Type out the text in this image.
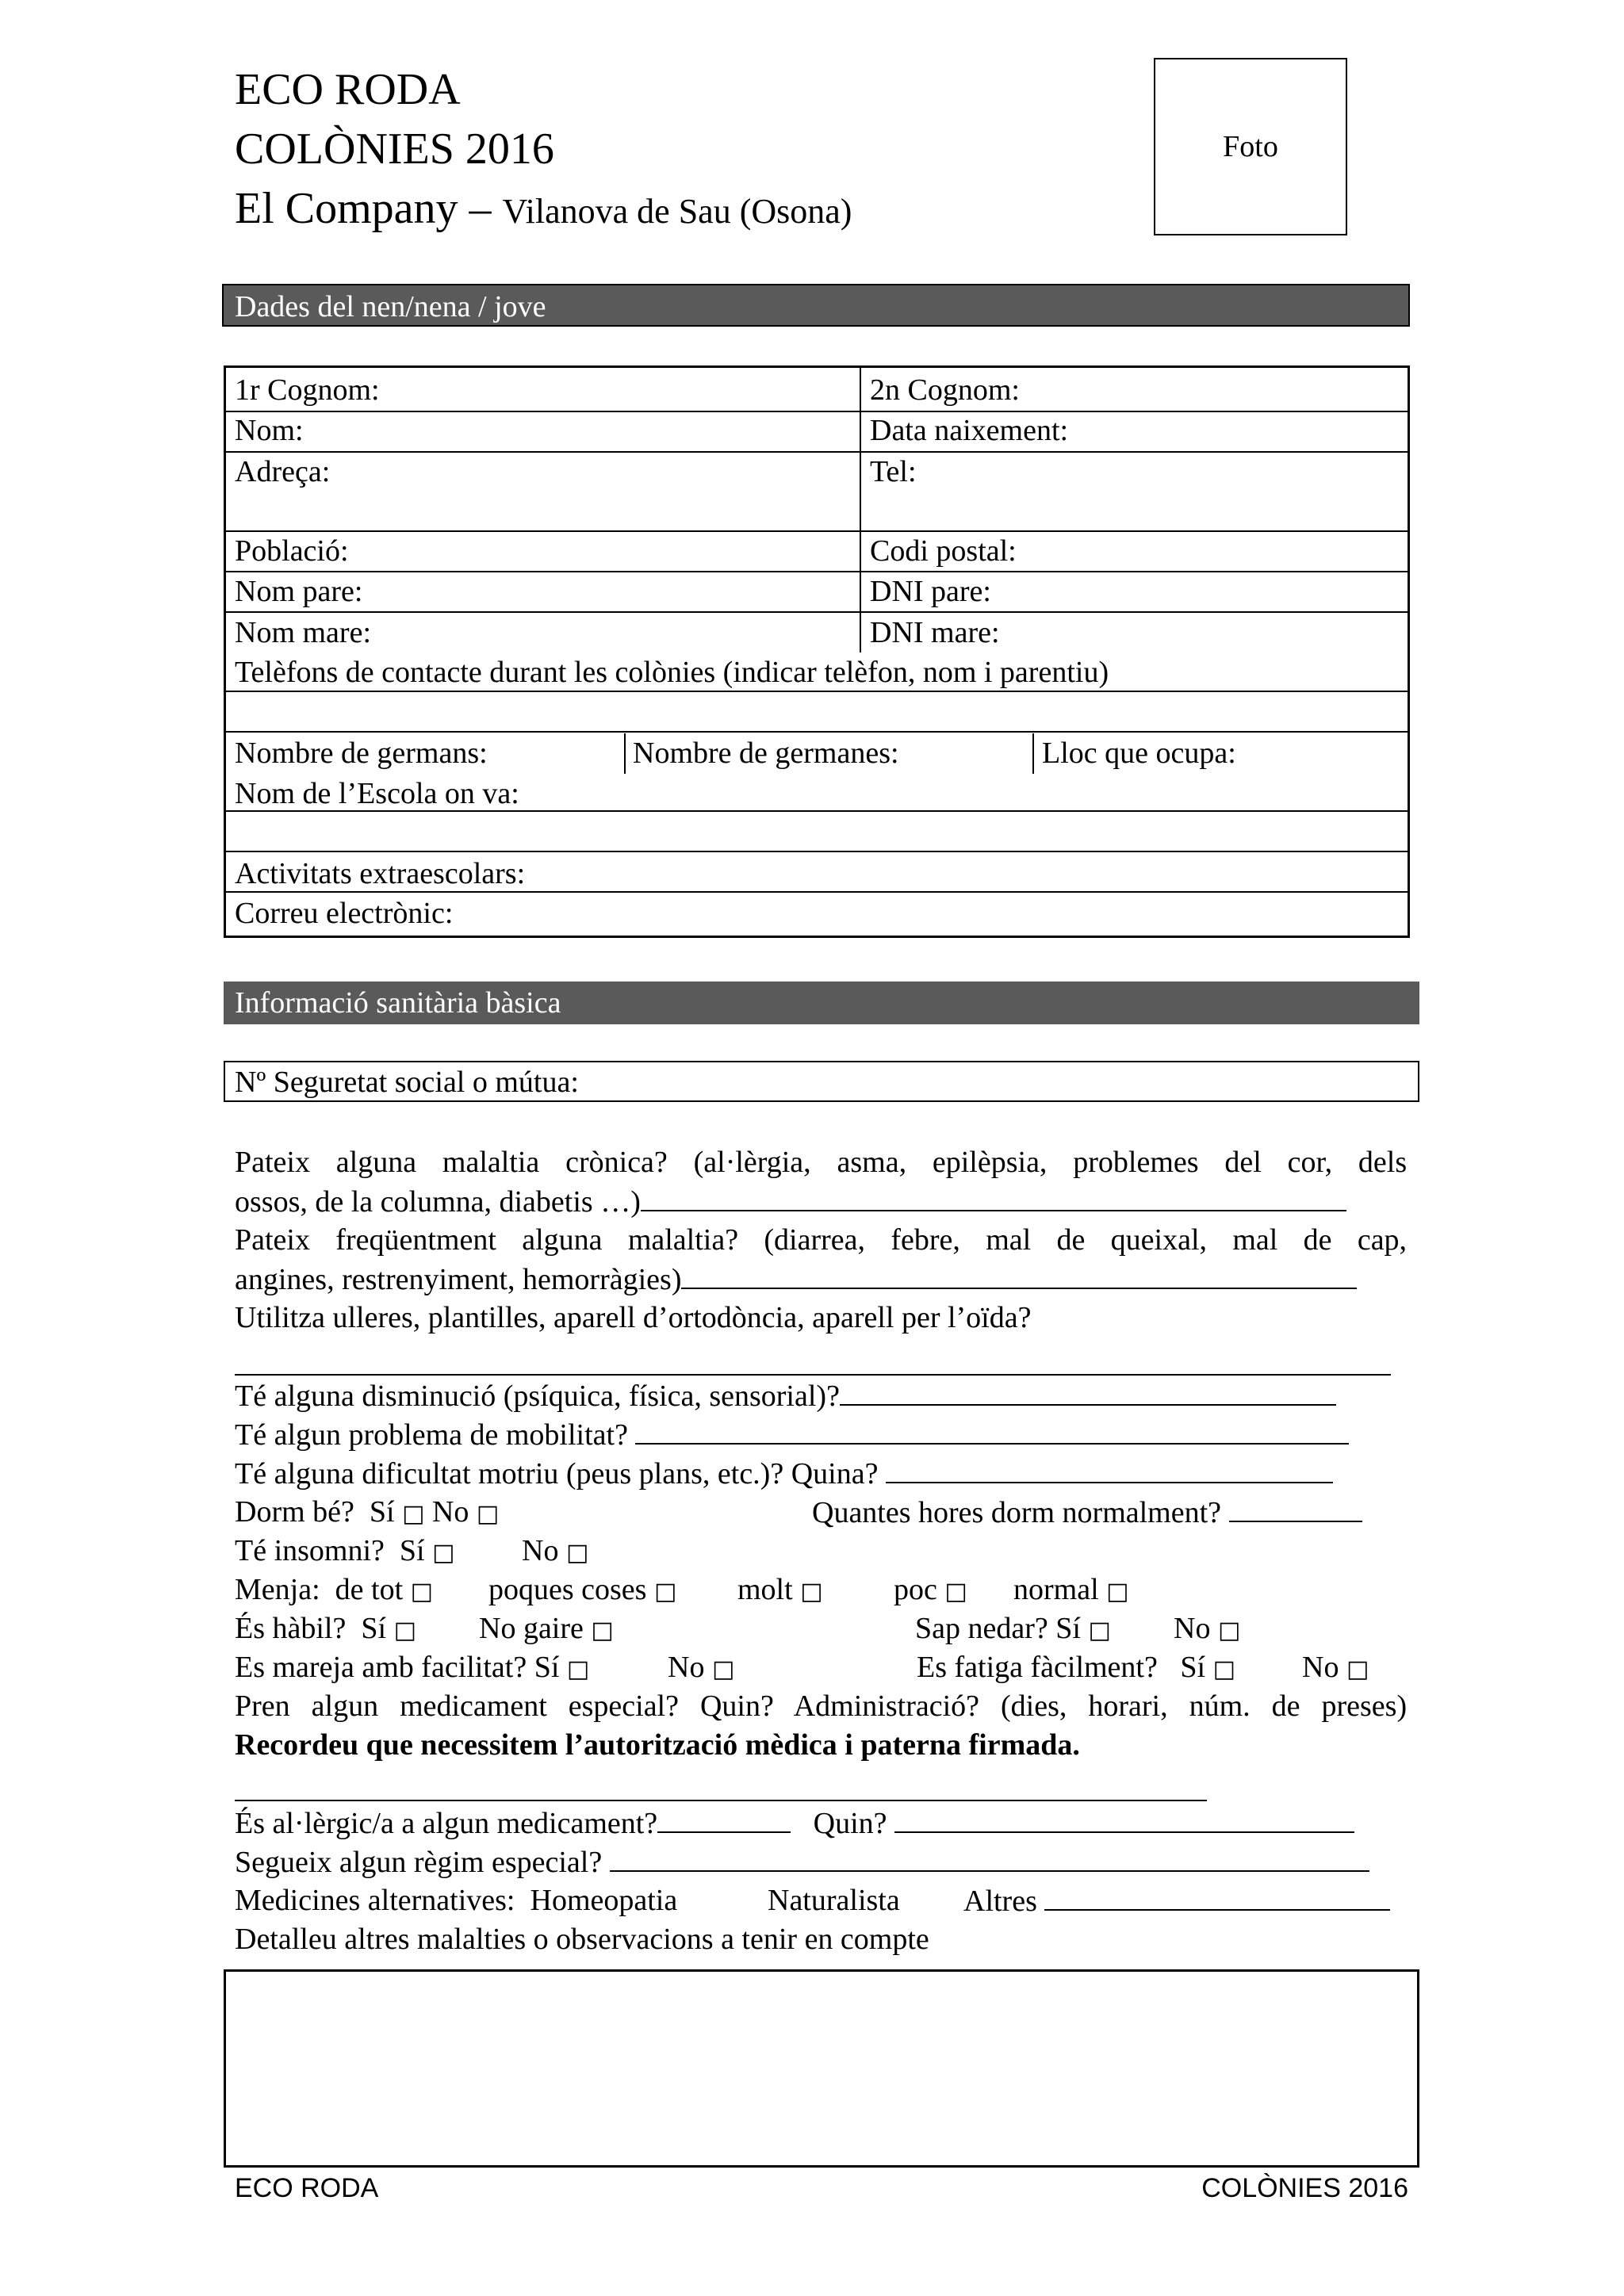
ECO RODA
COLÒNIES 2016
El Company – Vilanova de Sau (Osona)
Foto
Dades del nen/nena / jove
1r Cognom:	2n Cognom:
Nom:	Data naixement:
Adreça:	Tel:
Població:	Codi postal:
Nom pare:	DNI pare:
Nom mare:	DNI mare:
Telèfons de contacte durant les colònies (indicar telèfon, nom i parentiu)
Nombre de germans:	Nombre de germanes:	Lloc que ocupa:
Nom de l’Escola on va:
Activitats extraescolars:
Correu electrònic:
Informació sanitària bàsica
Nº Seguretat social o mútua:
Pateix alguna malaltia crònica? (al·lèrgia, asma, epilèpsia, problemes del cor, dels
ossos, de la columna, diabetis …)
Pateix freqüentment alguna malaltia? (diarrea, febre, mal de queixal, mal de cap,
angines, restrenyiment, hemorràgies)
Utilitza ulleres, plantilles, aparell d’ortodòncia, aparell per l’oïda?
Té alguna disminució (psíquica, física, sensorial)?
Té algun problema de mobilitat?
Té alguna dificultat motriu (peus plans, etc.)? Quina?
Dorm bé? Sí □ No □	Quantes hores dorm normalment?
Té insomni? Sí □ No □
Menja: de tot □ poques coses □ molt □ poc □ normal □
És hàbil? Sí □ No gaire □	Sap nedar? Sí □ No □
Es mareja amb facilitat? Sí □	No □	Es fatiga fàcilment? Sí □ No □
Pren algun medicament especial? Quin? Administració? (dies, horari, núm. de preses)
Recordeu que necessitem l’autorització mèdica i paterna firmada.
És al·lèrgic/a a algun medicament?	Quin?
Segueix algun règim especial?
Medicines alternatives: Homeopatia	Naturalista Altres
Detalleu altres malalties o observacions a tenir en compte
ECO RODA	COLÒNIES 2016
